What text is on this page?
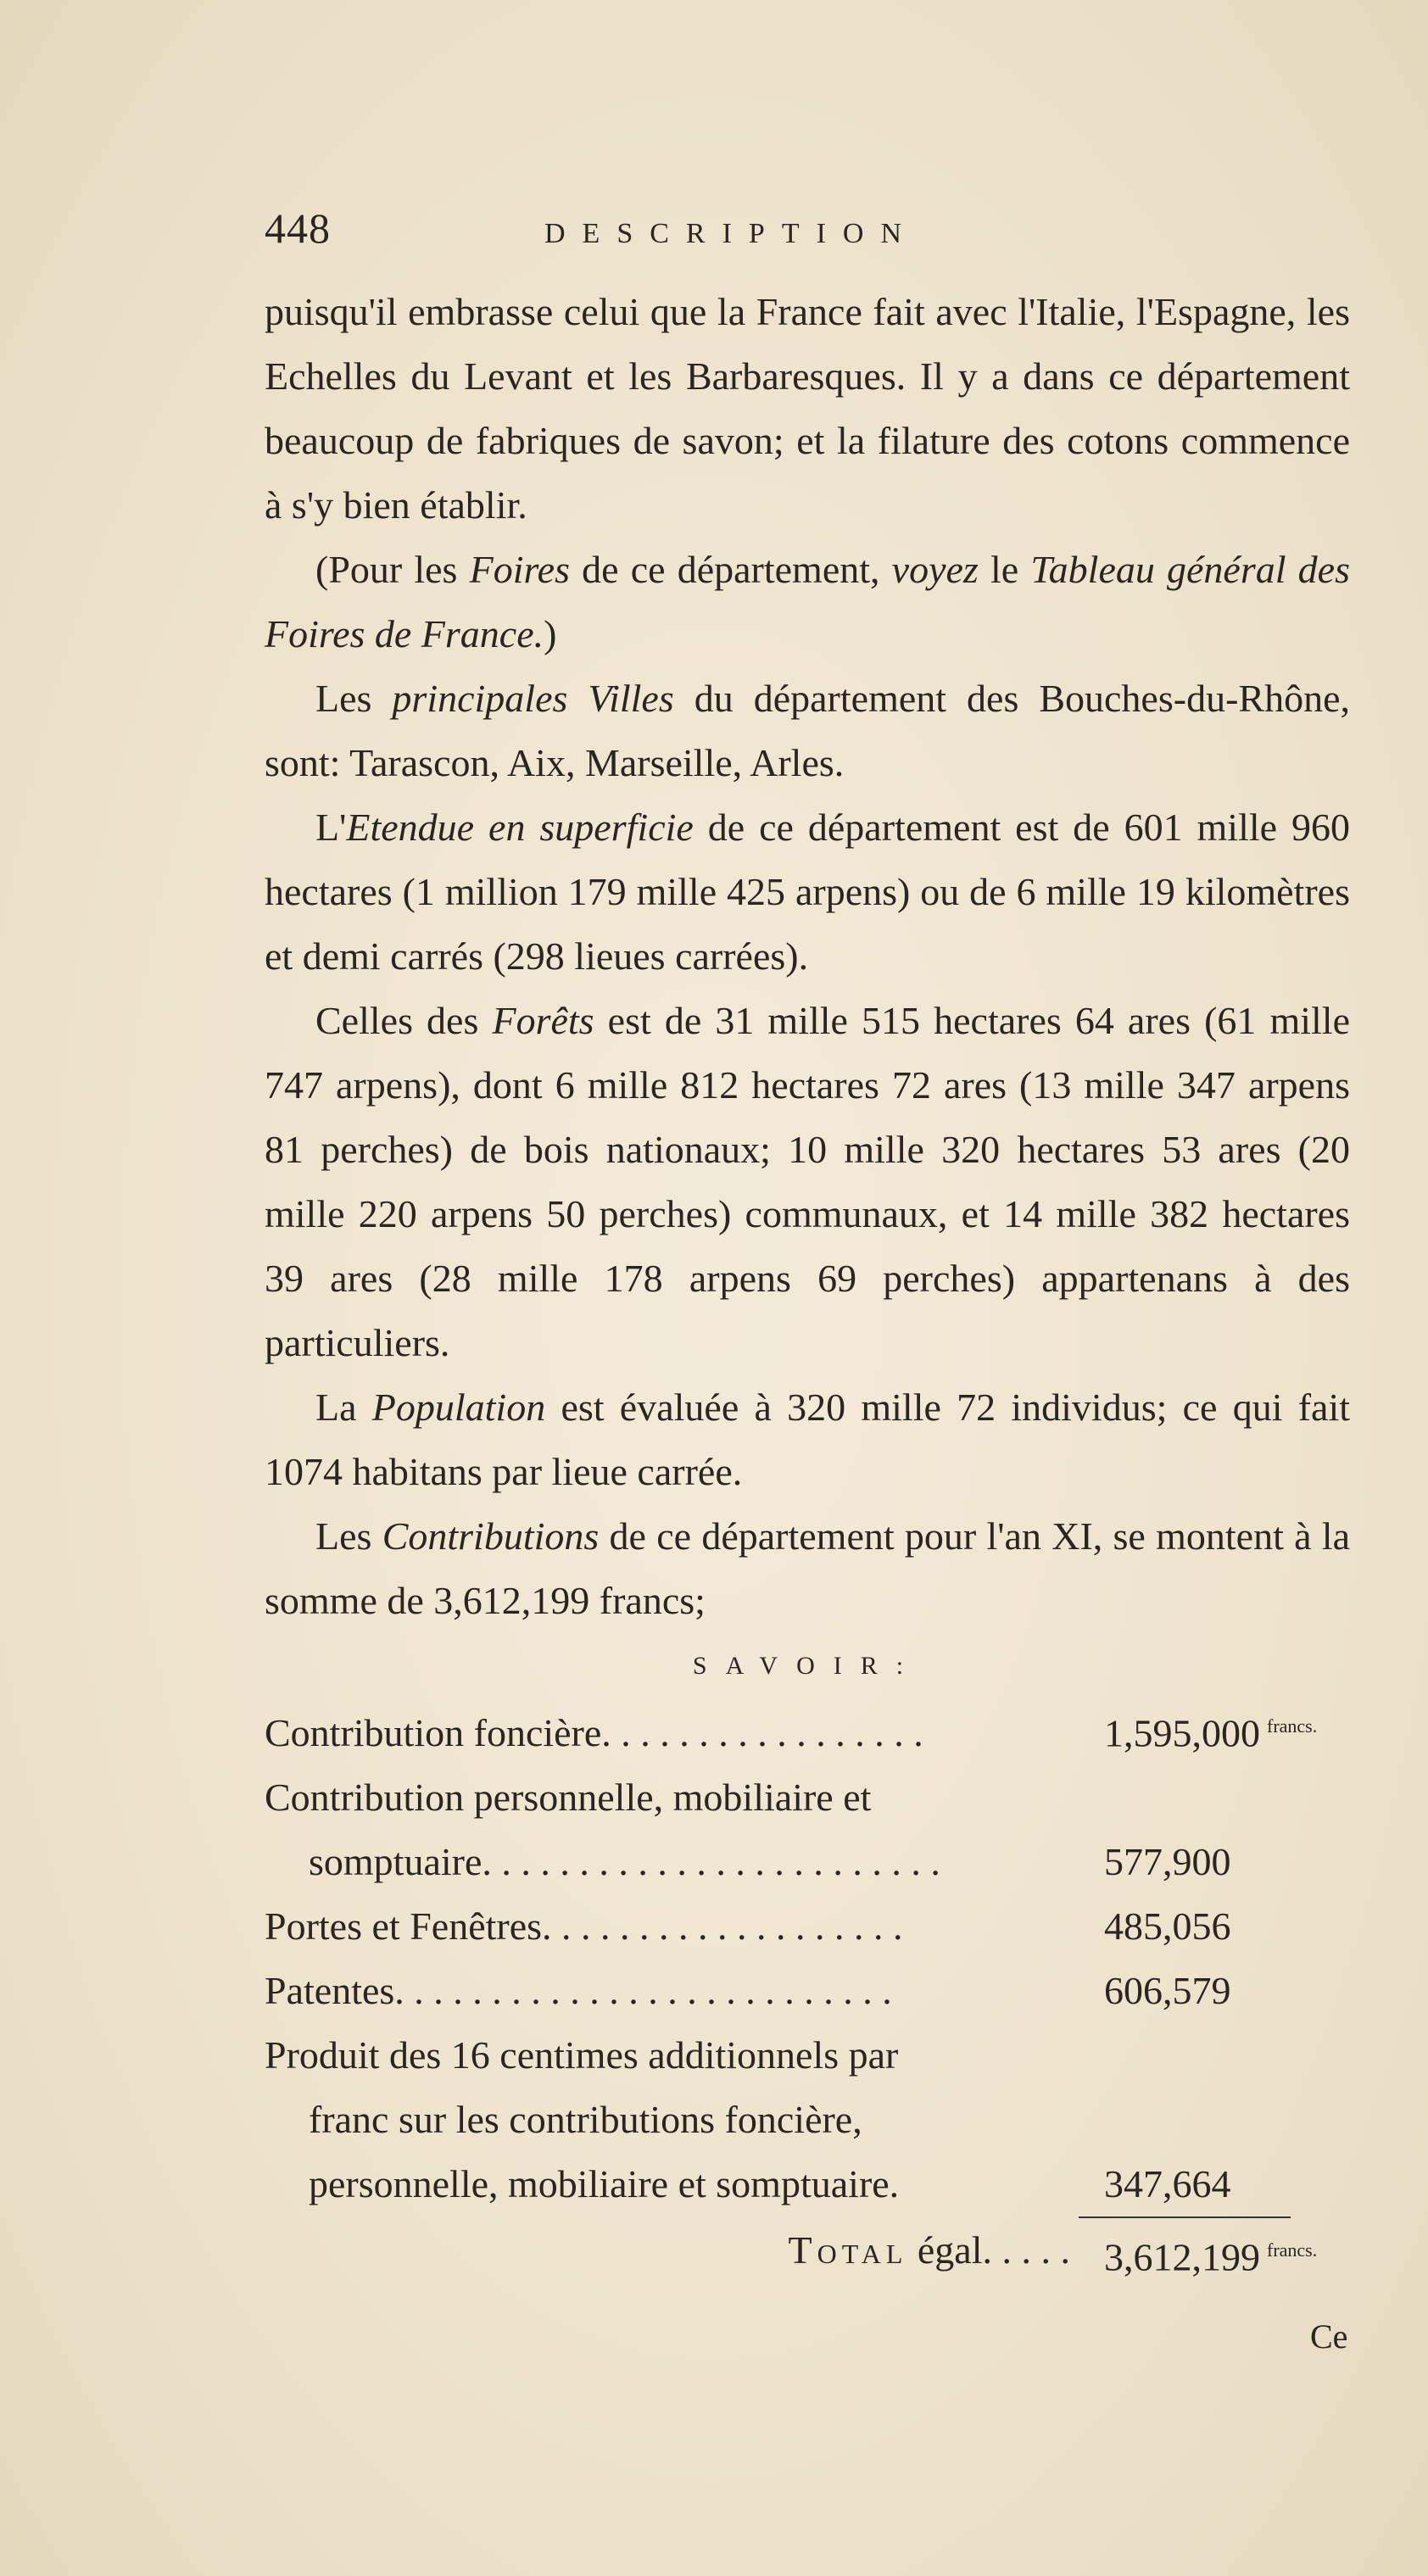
448	DESCRIPTION

puisqu'il embrasse celui que la France fait avec l'Italie, l'Espagne, les Echelles du Levant et les Barbaresques. Il y a dans ce département beaucoup de fabriques de savon; et la filature des cotons commence à s'y bien établir.

(Pour les Foires de ce département, voyez le Tableau général des Foires de France.)

Les principales Villes du département des Bouches-du-Rhône, sont: Tarascon, Aix, Marseille, Arles.

L'Etendue en superficie de ce département est de 601 mille 960 hectares (1 million 179 mille 425 arpens) ou de 6 mille 19 kilomètres et demi carrés (298 lieues carrées).

Celles des Forêts est de 31 mille 515 hectares 64 ares (61 mille 747 arpens), dont 6 mille 812 hectares 72 ares (13 mille 347 arpens 81 perches) de bois nationaux; 10 mille 320 hectares 53 ares (20 mille 220 arpens 50 perches) communaux, et 14 mille 382 hectares 39 ares (28 mille 178 arpens 69 perches) appartenans à des particuliers.

La Population est évaluée à 320 mille 72 individus; ce qui fait 1074 habitans par lieue carrée.

Les Contributions de ce département pour l'an XI, se montent à la somme de 3,612,199 francs;

SAVOIR:
Contribution foncière. . . . . . . . . . . . . . . . .	1,595,000 $^{francs.}$
Contribution personnelle, mobiliaire et
somptuaire. . . . . . . . . . . . . . . . . . . . . . . .	577,900
Portes et Fenêtres. . . . . . . . . . . . . . . . . . .	485,056
Patentes. . . . . . . . . . . . . . . . . . . . . . . . . .	606,579
Produit des 16 centimes additionnels par
franc sur les contributions foncière,
personnelle, mobiliaire et somptuaire.	347,664
Total égal. . . . . 3,612,199 $^{francs.}$
Ce
